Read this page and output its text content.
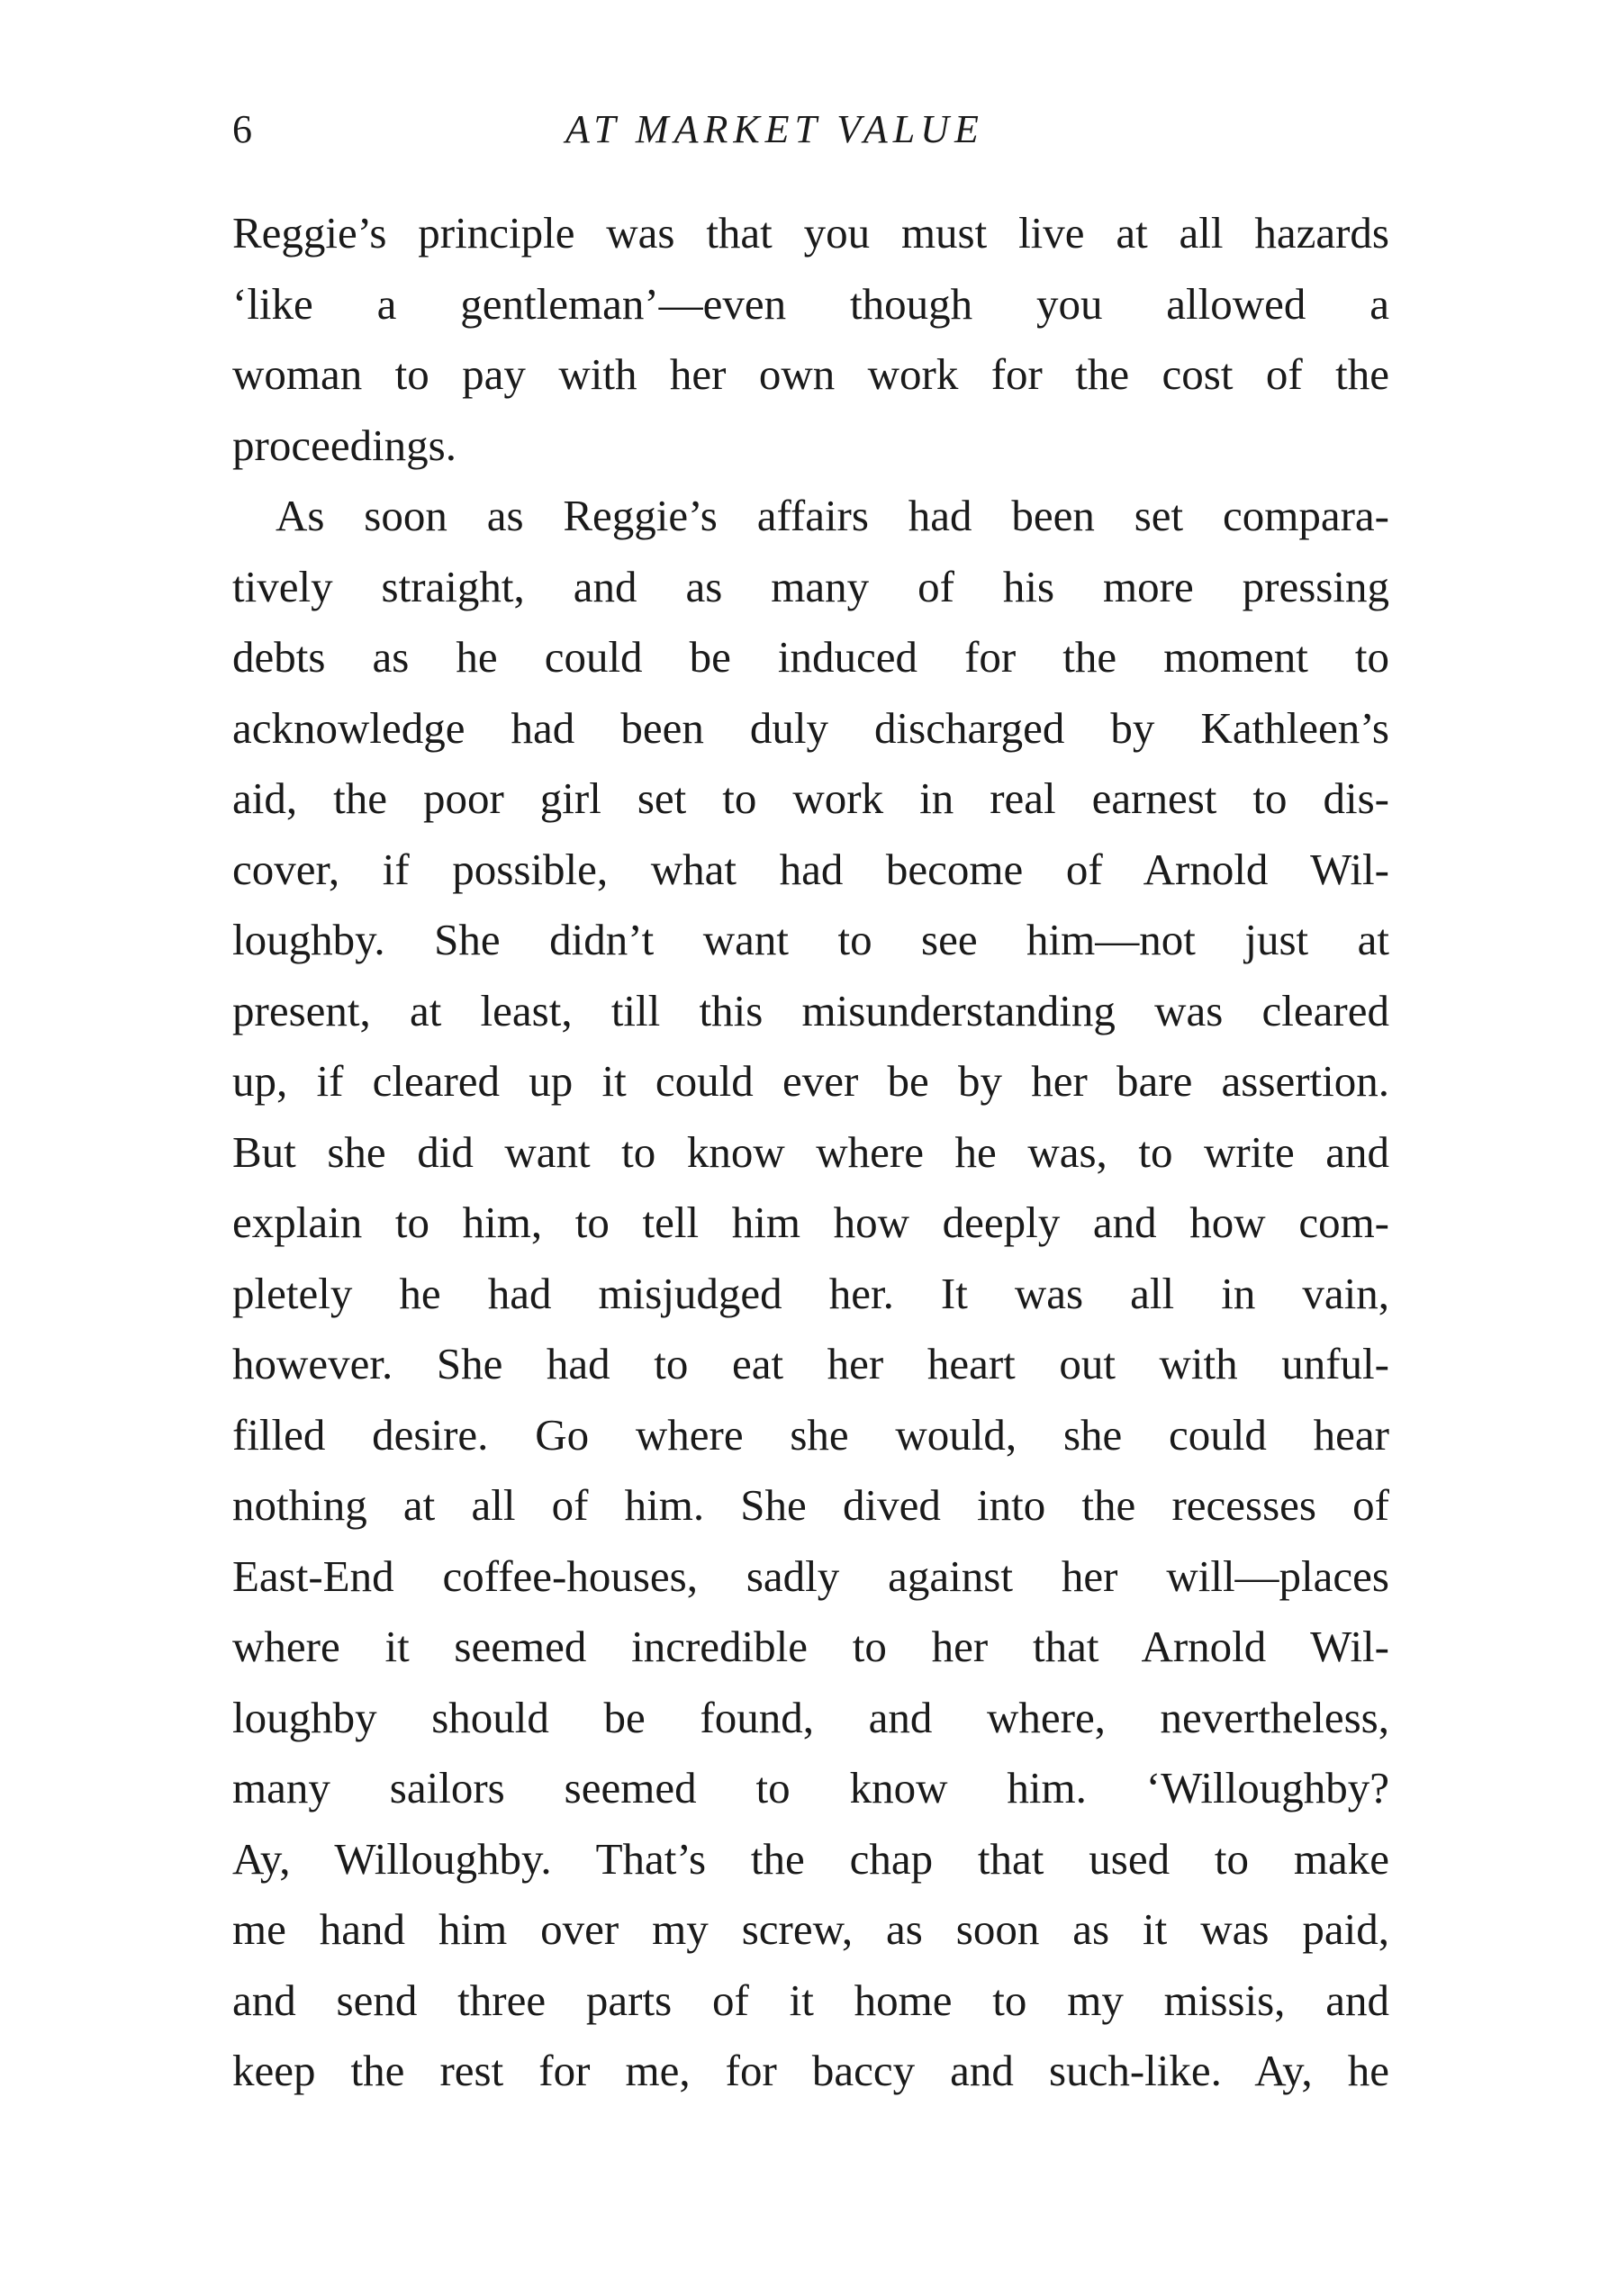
6	AT MARKET VALUE
Reggie’s principle was that you must live at all hazards
‘like a gentleman’—even though you allowed a
woman to pay with her own work for the cost of the
proceedings.
As soon as Reggie’s affairs had been set compara-
tively straight, and as many of his more pressing
debts as he could be induced for the moment to
acknowledge had been duly discharged by Kathleen’s
aid, the poor girl set to work in real earnest to dis-
cover, if possible, what had become of Arnold Wil-
loughby. She didn’t want to see him—not just at
present, at least, till this misunderstanding was cleared
up, if cleared up it could ever be by her bare assertion.
But she did want to know where he was, to write and
explain to him, to tell him how deeply and how com-
pletely he had misjudged her. It was all in vain,
however. She had to eat her heart out with unful-
filled desire. Go where she would, she could hear
nothing at all of him. She dived into the recesses of
East-End coffee-houses, sadly against her will—places
where it seemed incredible to her that Arnold Wil-
loughby should be found, and where, nevertheless,
many sailors seemed to know him. ‘Willoughby?
Ay, Willoughby. That’s the chap that used to make
me hand him over my screw, as soon as it was paid,
and send three parts of it home to my missis, and
keep the rest for me, for baccy and such-like. Ay, he
